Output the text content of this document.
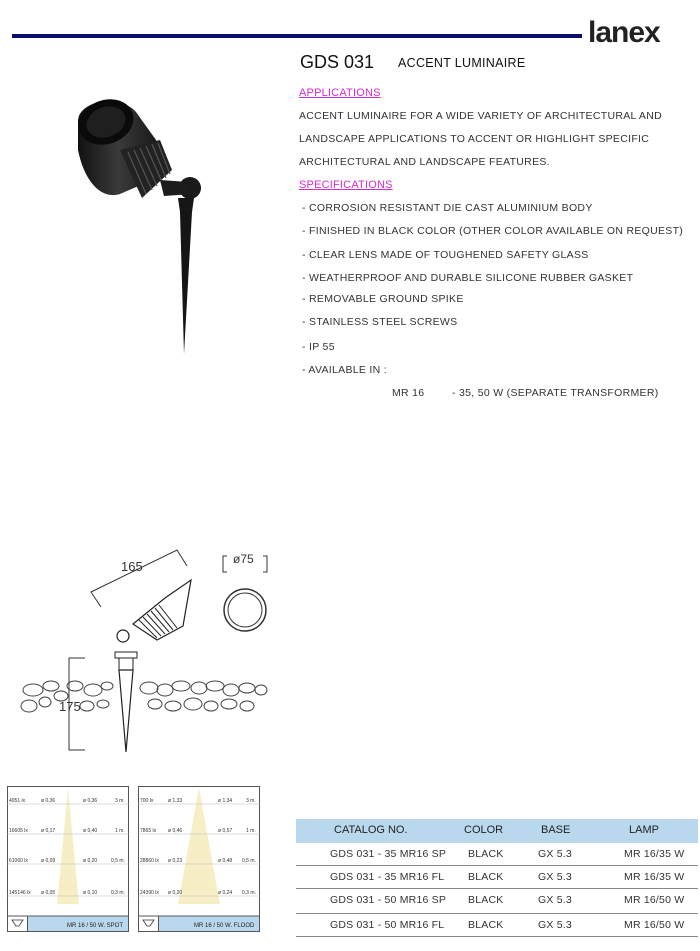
lanex
GDS 031 ACCENT LUMINAIRE
APPLICATIONS
ACCENT LUMINAIRE FOR A WIDE VARIETY OF ARCHITECTURAL AND
LANDSCAPE APPLICATIONS TO ACCENT OR HIGHLIGHT SPECIFIC
ARCHITECTURAL AND LANDSCAPE FEATURES.
SPECIFICATIONS
- CORROSION RESISTANT DIE CAST ALUMINIUM BODY
- FINISHED IN BLACK COLOR (OTHER COLOR AVAILABLE ON REQUEST)
- CLEAR LENS MADE OF TOUGHENED SAFETY GLASS
- WEATHERPROOF AND DURABLE SILICONE RUBBER GASKET
- REMOVABLE GROUND SPIKE
- STAINLESS STEEL SCREWS
- IP 55
- AVAILABLE IN :
MR 16	- 35, 50 W (SEPARATE TRANSFORMER)
165	ø75
175
4051 lx	ø 0,36	ø 0,36	3 m.
16605 lx	ø 0,17	ø 0,40	1 m.
61060 lx	ø 0,09	ø 0,20	0,5 m.
145146 lx ø 0,05	ø 0,10	0,3 m.
MR 16 / 50 W. SPOT
700 lx	ø 1,33	ø 1,34	3 m.
7865 lx ø 0,46	ø 0,57	1 m.
28860 lx ø 0,23	ø 0,48 0,5 m.
24390 lx ø 0,20	ø 0,24 0,3 m.
MR 16 / 50 W. FLOOD
CATALOG NO.	COLOR	BASE	LAMP
GDS 031 - 35 MR16 SP BLACK	GX 5.3	MR 16/35 W
GDS 031 - 35 MR16 FL BLACK	GX 5.3	MR 16/35 W
GDS 031 - 50 MR16 SP BLACK	GX 5.3	MR 16/50 W
GDS 031 - 50 MR16 FL BLACK	GX 5.3	MR 16/50 W
